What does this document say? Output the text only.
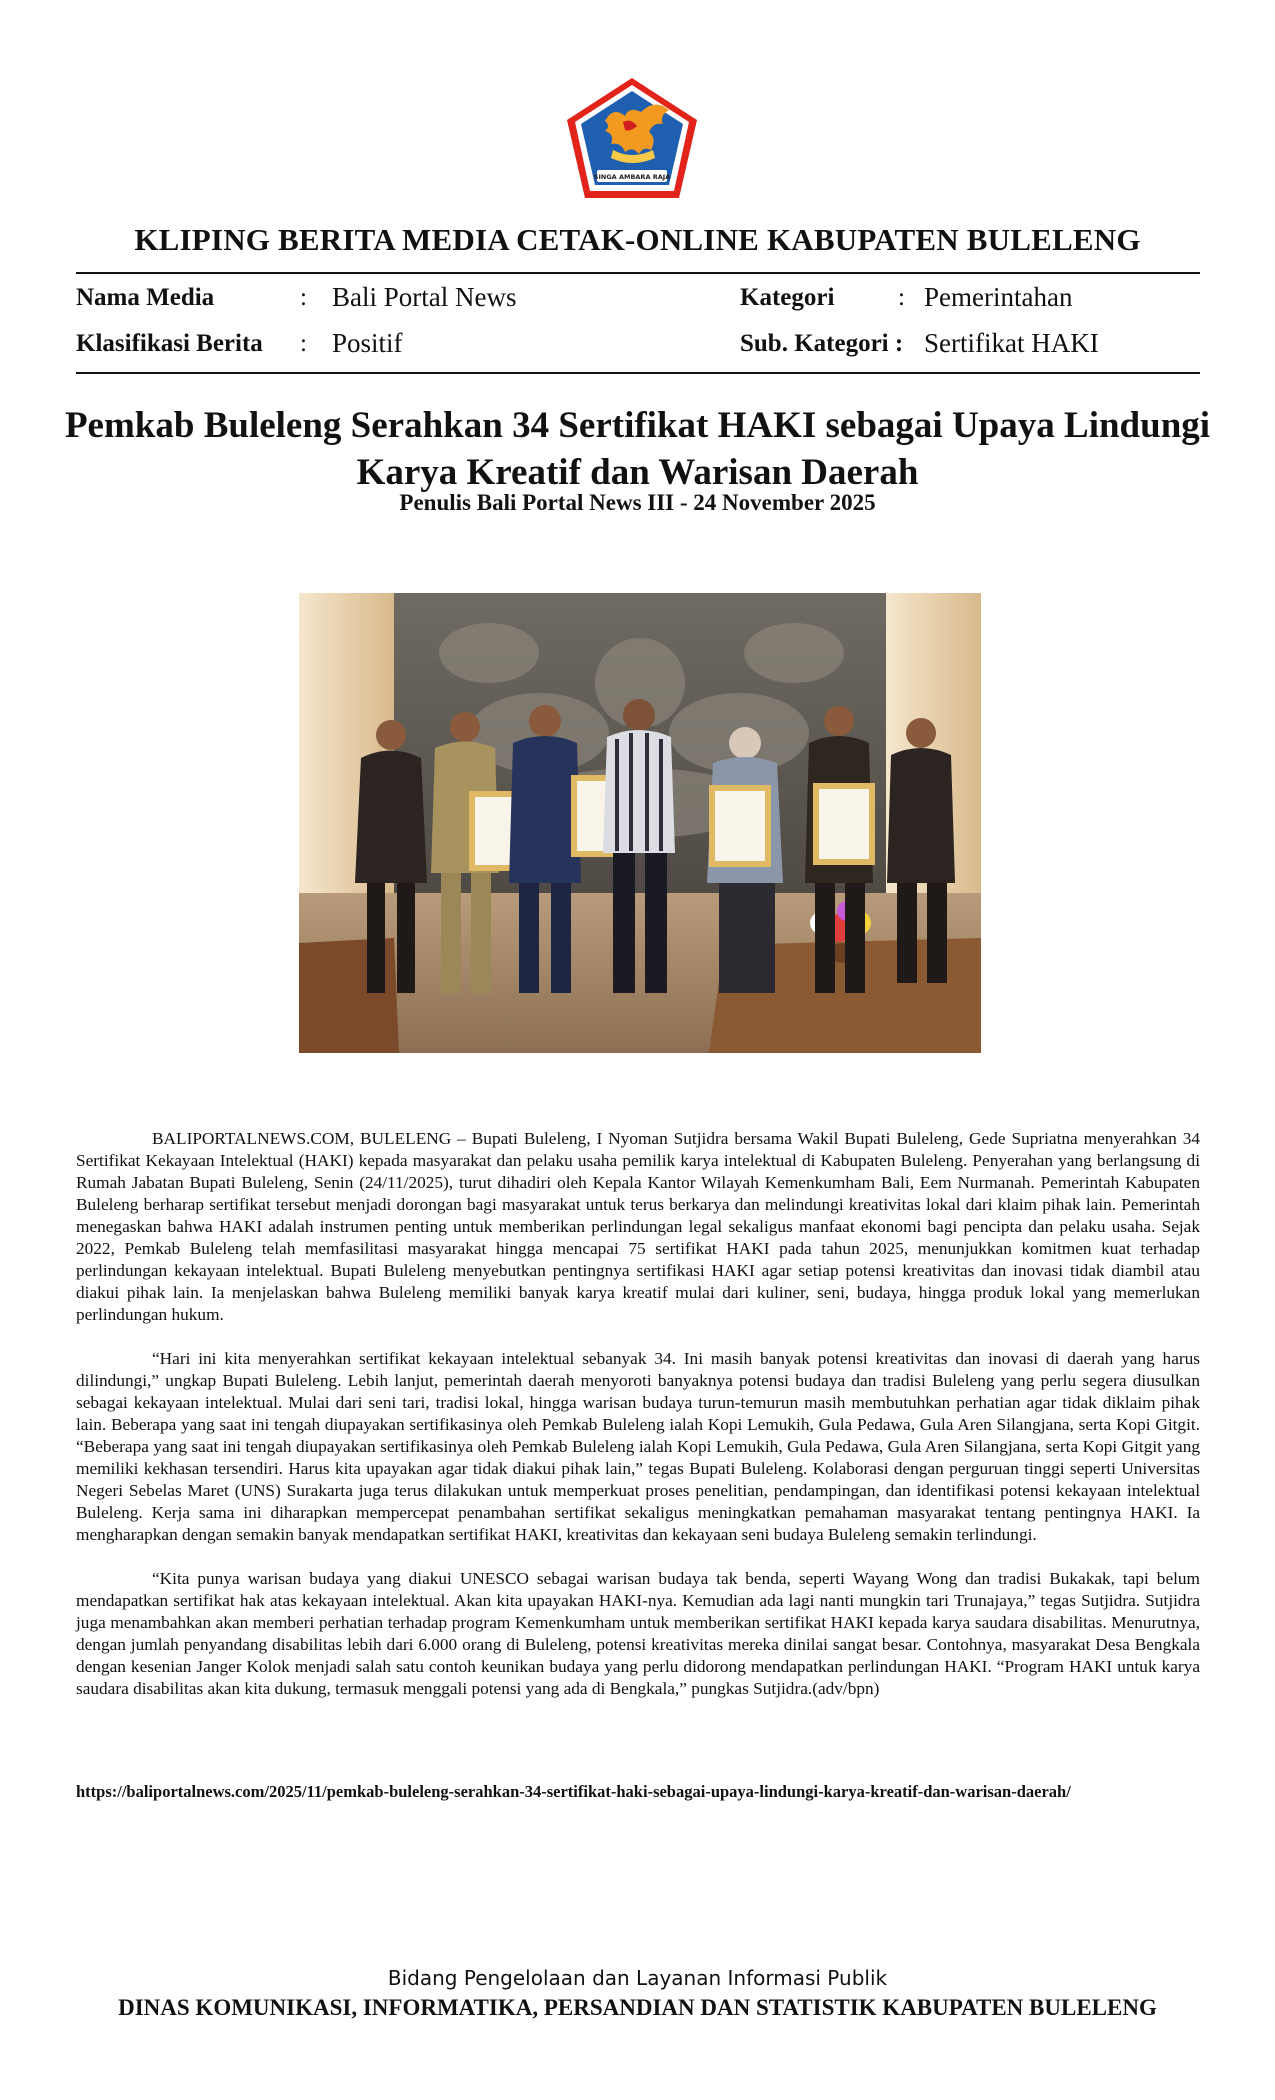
SINGA AMBARA RAJA
KLIPING BERITA MEDIA CETAK-ONLINE KABUPATEN BULELENG
Nama Media	: Bali Portal News	Kategori	: Pemerintahan
Klasifikasi Berita : Positif	Sub. Kategori : Sertifikat HAKI
Pemkab Buleleng Serahkan 34 Sertifikat HAKI sebagai Upaya Lindungi Karya Kreatif dan Warisan Daerah
Penulis Bali Portal News III - 24 November 2025

BALIPORTALNEWS.COM, BULELENG – Bupati Buleleng, I Nyoman Sutjidra bersama Wakil Bupati Buleleng, Gede Supriatna menyerahkan 34 Sertifikat Kekayaan Intelektual (HAKI) kepada masyarakat dan pelaku usaha pemilik karya intelektual di Kabupaten Buleleng. Penyerahan yang berlangsung di Rumah Jabatan Bupati Buleleng, Senin (24/11/2025), turut dihadiri oleh Kepala Kantor Wilayah Kemenkumham Bali, Eem Nurmanah. Pemerintah Kabupaten Buleleng berharap sertifikat tersebut menjadi dorongan bagi masyarakat untuk terus berkarya dan melindungi kreativitas lokal dari klaim pihak lain. Pemerintah menegaskan bahwa HAKI adalah instrumen penting untuk memberikan perlindungan legal sekaligus manfaat ekonomi bagi pencipta dan pelaku usaha. Sejak 2022, Pemkab Buleleng telah memfasilitasi masyarakat hingga mencapai 75 sertifikat HAKI pada tahun 2025, menunjukkan komitmen kuat terhadap perlindungan kekayaan intelektual. Bupati Buleleng menyebutkan pentingnya sertifikasi HAKI agar setiap potensi kreativitas dan inovasi tidak diambil atau diakui pihak lain. Ia menjelaskan bahwa Buleleng memiliki banyak karya kreatif mulai dari kuliner, seni, budaya, hingga produk lokal yang memerlukan perlindungan hukum.

“Hari ini kita menyerahkan sertifikat kekayaan intelektual sebanyak 34. Ini masih banyak potensi kreativitas dan inovasi di daerah yang harus dilindungi,” ungkap Bupati Buleleng. Lebih lanjut, pemerintah daerah menyoroti banyaknya potensi budaya dan tradisi Buleleng yang perlu segera diusulkan sebagai kekayaan intelektual. Mulai dari seni tari, tradisi lokal, hingga warisan budaya turun-temurun masih membutuhkan perhatian agar tidak diklaim pihak lain. Beberapa yang saat ini tengah diupayakan sertifikasinya oleh Pemkab Buleleng ialah Kopi Lemukih, Gula Pedawa, Gula Aren Silangjana, serta Kopi Gitgit. “Beberapa yang saat ini tengah diupayakan sertifikasinya oleh Pemkab Buleleng ialah Kopi Lemukih, Gula Pedawa, Gula Aren Silangjana, serta Kopi Gitgit yang memiliki kekhasan tersendiri. Harus kita upayakan agar tidak diakui pihak lain,” tegas Bupati Buleleng. Kolaborasi dengan perguruan tinggi seperti Universitas Negeri Sebelas Maret (UNS) Surakarta juga terus dilakukan untuk memperkuat proses penelitian, pendampingan, dan identifikasi potensi kekayaan intelektual Buleleng. Kerja sama ini diharapkan mempercepat penambahan sertifikat sekaligus meningkatkan pemahaman masyarakat tentang pentingnya HAKI. Ia mengharapkan dengan semakin banyak mendapatkan sertifikat HAKI, kreativitas dan kekayaan seni budaya Buleleng semakin terlindungi.

“Kita punya warisan budaya yang diakui UNESCO sebagai warisan budaya tak benda, seperti Wayang Wong dan tradisi Bukakak, tapi belum mendapatkan sertifikat hak atas kekayaan intelektual. Akan kita upayakan HAKI-nya. Kemudian ada lagi nanti mungkin tari Trunajaya,” tegas Sutjidra. Sutjidra juga menambahkan akan memberi perhatian terhadap program Kemenkumham untuk memberikan sertifikat HAKI kepada karya saudara disabilitas. Menurutnya, dengan jumlah penyandang disabilitas lebih dari 6.000 orang di Buleleng, potensi kreativitas mereka dinilai sangat besar. Contohnya, masyarakat Desa Bengkala dengan kesenian Janger Kolok menjadi salah satu contoh keunikan budaya yang perlu didorong mendapatkan perlindungan HAKI. “Program HAKI untuk karya saudara disabilitas akan kita dukung, termasuk menggali potensi yang ada di Bengkala,” pungkas Sutjidra.(adv/bpn)

https://baliportalnews.com/2025/11/pemkab-buleleng-serahkan-34-sertifikat-haki-sebagai-upaya-lindungi-karya-kreatif-dan-warisan-daerah/
Bidang Pengelolaan dan Layanan Informasi Publik
DINAS KOMUNIKASI, INFORMATIKA, PERSANDIAN DAN STATISTIK KABUPATEN BULELENG
